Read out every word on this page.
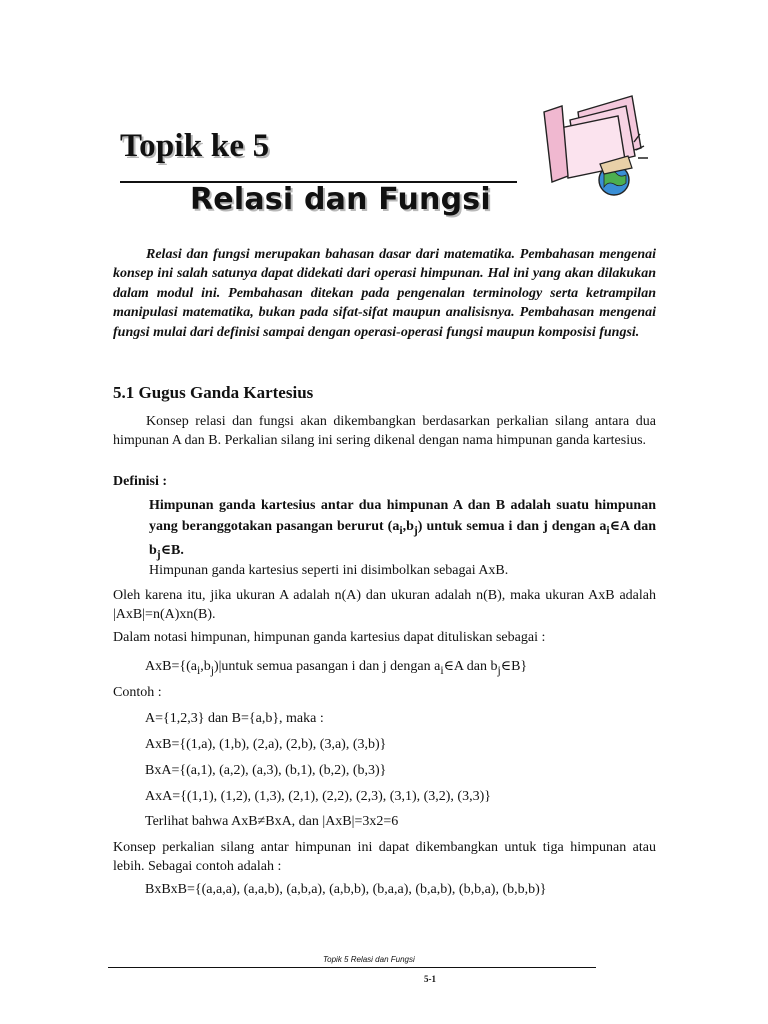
Topik ke 5
Relasi dan Fungsi

Relasi dan fungsi merupakan bahasan dasar dari matematika. Pembahasan mengenai konsep ini salah satunya dapat didekati dari operasi himpunan. Hal ini yang akan dilakukan dalam modul ini. Pembahasan ditekan pada pengenalan terminology serta ketrampilan manipulasi matematika, bukan pada sifat-sifat maupun analisisnya. Pembahasan mengenai fungsi mulai dari definisi sampai dengan operasi-operasi fungsi maupun komposisi fungsi.

5.1 Gugus Ganda Kartesius

Konsep relasi dan fungsi akan dikembangkan berdasarkan perkalian silang antara dua himpunan A dan B. Perkalian silang ini sering dikenal dengan nama himpunan ganda kartesius.

Definisi :

Himpunan ganda kartesius antar dua himpunan A dan B adalah suatu himpunan yang beranggotakan pasangan berurut $(a_i,b_j)$ untuk semua i dan j dengan $a_i\in A$ dan $b_j\in B$.

Himpunan ganda kartesius seperti ini disimbolkan sebagai AxB.

Oleh karena itu, jika ukuran A adalah n(A) dan ukuran adalah n(B), maka ukuran AxB adalah |AxB|=n(A)xn(B).

Dalam notasi himpunan, himpunan ganda kartesius dapat dituliskan sebagai :

$AxB=\{(a_i,b_j)|untuk$ semua pasangan i dan j dengan $a_i\in A$ dan $b_j\in B$}

Contoh :

A={1,2,3} dan B={a,b}, maka :

AxB={(1,a), (1,b), (2,a), (2,b), (3,a), (3,b)}

BxA={(a,1), (a,2), (a,3), (b,1), (b,2), (b,3)}

AxA={(1,1), (1,2), (1,3), (2,1), (2,2), (2,3), (3,1), (3,2), (3,3)}

Terlihat bahwa AxB≠BxA, dan |AxB|=3x2=6

Konsep perkalian silang antar himpunan ini dapat dikembangkan untuk tiga himpunan atau lebih. Sebagai contoh adalah :

BxBxB={(a,a,a), (a,a,b), (a,b,a), (a,b,b), (b,a,a), (b,a,b), (b,b,a), (b,b,b)}

Topik 5 Relasi dan Fungsi
5-1
